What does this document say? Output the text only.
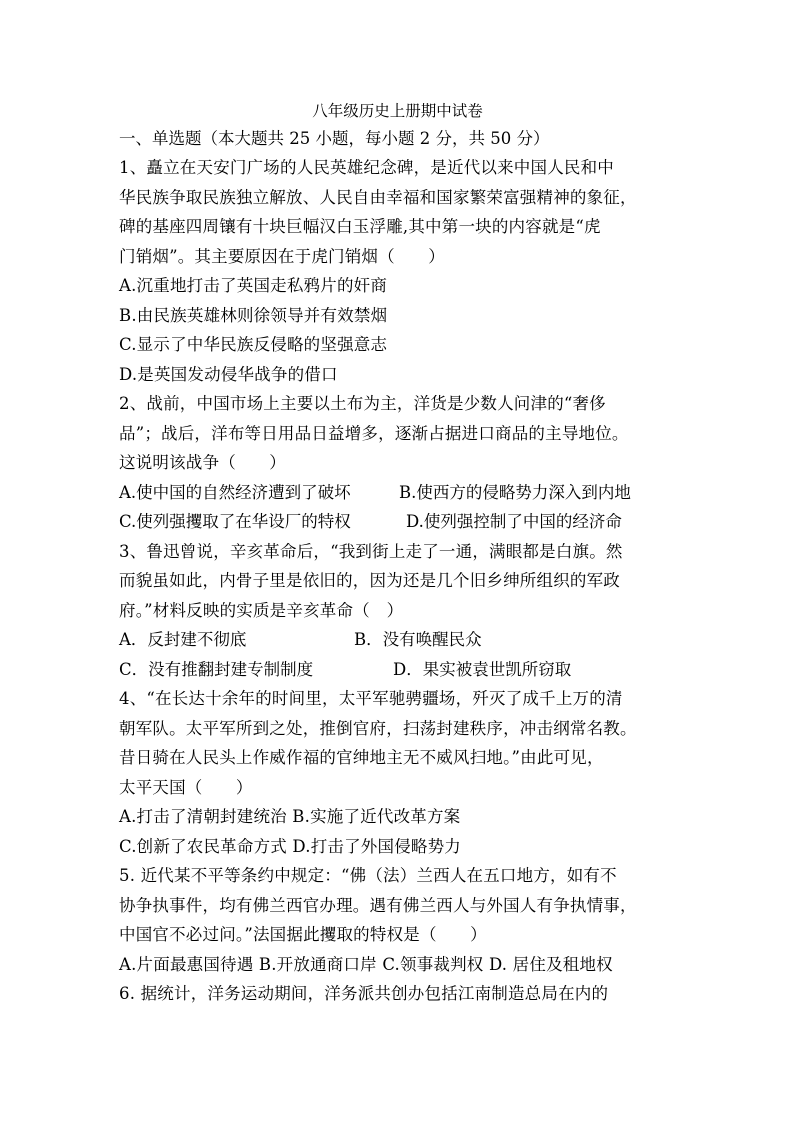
八年级历史上册期中试卷
一、单选题（本大题共 25 小题，每小题 2 分，共 50 分）
1、矗立在天安门广场的人民英雄纪念碑，是近代以来中国人民和中
华民族争取民族独立解放、人民自由幸福和国家繁荣富强精神的象征，
碑的基座四周镶有十块巨幅汉白玉浮雕,其中第一块的内容就是“虎
门销烟”。其主要原因在于虎门销烟（　　）
A.沉重地打击了英国走私鸦片的奸商
B.由民族英雄林则徐领导并有效禁烟
C.显示了中华民族反侵略的坚强意志
D.是英国发动侵华战争的借口
2、战前，中国市场上主要以土布为主，洋货是少数人问津的“奢侈
品”；战后，洋布等日用品日益增多，逐渐占据进口商品的主导地位。
这说明该战争（　　）
A.使中国的自然经济遭到了破坏	B.使西方的侵略势力深入到内地
C.使列强攫取了在华设厂的特权	D.使列强控制了中国的经济命
3、鲁迅曾说，辛亥革命后，“我到街上走了一通，满眼都是白旗。然
而貌虽如此，内骨子里是依旧的，因为还是几个旧乡绅所组织的军政
府。”材料反映的实质是辛亥革命（　）
A．反封建不彻底	B．没有唤醒民众
C．没有推翻封建专制制度	D．果实被袁世凯所窃取
4、“在长达十余年的时间里，太平军驰骋疆场，歼灭了成千上万的清
朝军队。太平军所到之处，推倒官府，扫荡封建秩序，冲击纲常名教。
昔日骑在人民头上作威作福的官绅地主无不威风扫地。”由此可见，
太平天国（　　）
A.打击了清朝封建统治 B.实施了近代改革方案
C.创新了农民革命方式 D.打击了外国侵略势力
5. 近代某不平等条约中规定：“佛（法）兰西人在五口地方，如有不
协争执事件，均有佛兰西官办理。遇有佛兰西人与外国人有争执情事，
中国官不必过问。”法国据此攫取的特权是（　　）
A.片面最惠国待遇 B.开放通商口岸 C.领事裁判权 D. 居住及租地权
6. 据统计，洋务运动期间，洋务派共创办包括江南制造总局在内的
